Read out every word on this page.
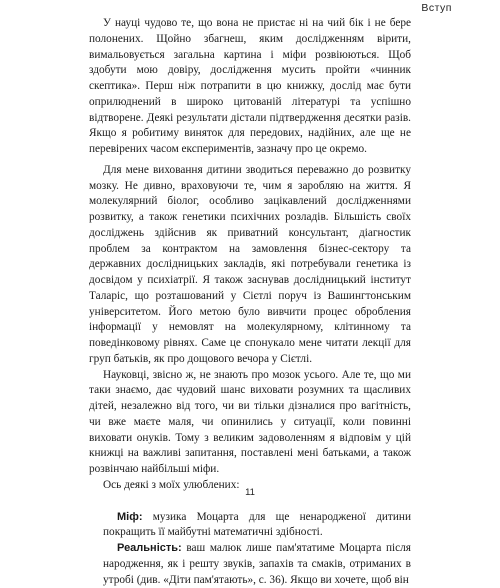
Вступ

У науці чудово те, що вона не пристає ні на чий бік і не бере полонених. Щойно збагнеш, яким дослідженням вірити, вимальовується загальна картина і міфи розвіюються. Щоб здобути мою довіру, дослідження мусить пройти «чинник скептика». Перш ніж потрапити в цю книжку, дослід має бути оприлюднений в широко цитованій літературі та успішно відтворене. Деякі результати дістали підтвердження десятки разів. Якщо я робитиму виняток для передових, надійних, але ще не перевірених часом експериментів, зазначу про це окремо.

Для мене виховання дитини зводиться переважно до розвитку мозку. Не дивно, враховуючи те, чим я заробляю на життя. Я молекулярний біолог, особливо зацікавлений дослідженнями розвитку, а також генетики психічних розладів. Більшість своїх досліджень здійснив як приватний консультант, діагностик проблем за контрактом на замовлення бізнес-сектору та державних дослідницьких закладів, які потребували генетика із досвідом у психіатрії. Я також заснував дослідницький інститут Таларіс, що розташований у Сієтлі поруч із Вашингтонським університетом. Його метою було вивчити процес обробления інформації у немовлят на молекулярному, клітинному та поведінковому рівнях. Саме це спонукало мене читати лекції для груп батьків, як про дощового вечора у Сієтлі.

Науковці, звісно ж, не знають про мозок усього. Але те, що ми таки знаємо, дає чудовий шанс виховати розумних та щасливих дітей, незалежно від того, чи ви тільки дізналися про вагітність, чи вже маєте маля, чи опинились у ситуації, коли повинні виховати онуків. Тому з великим задоволенням я відповім у цій книжці на важливі запитання, поставлені мені батьками, а також розвінчаю найбільші міфи.

Ось деякі з моїх улюблених:

Міф: музика Моцарта для ще ненародженої дитини покращить її майбутні математичні здібності.

Реальність: ваш малюк лише пам'ятатиме Моцарта після народження, як і решту звуків, запахів та смаків, отриманих в утробі (див. «Діти пам'ятають», с. 36). Якщо ви хочете, щоб він

11
